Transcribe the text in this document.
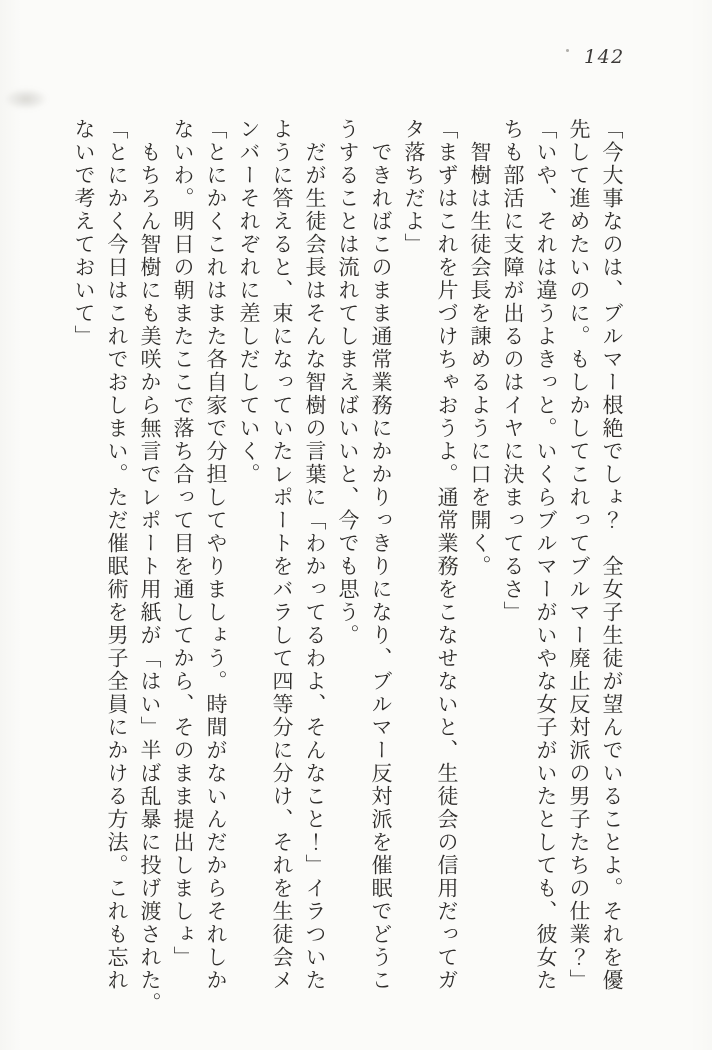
142

「今大事なのは、ブルマー根絶でしょ？　全女子生徒が望んでいることよ。それを優

先して進めたいのに。もしかしてこれってブルマー廃止反対派の男子たちの仕業？」

「いや、それは違うよきっと。いくらブルマーがいやな女子がいたとしても、彼女た

ちも部活に支障が出るのはイヤに決まってるさ」

　智樹は生徒会長を諌めるように口を開く。

「まずはこれを片づけちゃおうよ。通常業務をこなせないと、生徒会の信用だってガ

タ落ちだよ」

　できればこのまま通常業務にかかりっきりになり、ブルマー反対派を催眠でどうこ

うすることは流れてしまえばいいと、今でも思う。

　だが生徒会長はそんな智樹の言葉に「わかってるわよ、そんなこと！」イラついた

ように答えると、束になっていたレポートをバラして四等分に分け、それを生徒会メ

ンバーそれぞれに差しだしていく。

「とにかくこれはまた各自家で分担してやりましょう。時間がないんだからそれしか

ないわ。明日の朝またここで落ち合って目を通してから、そのまま提出しましょ」

　もちろん智樹にも美咲から無言でレポート用紙が「はい」半ば乱暴に投げ渡された。

「とにかく今日はこれでおしまい。ただ催眠術を男子全員にかける方法。これも忘れ

ないで考えておいて」
